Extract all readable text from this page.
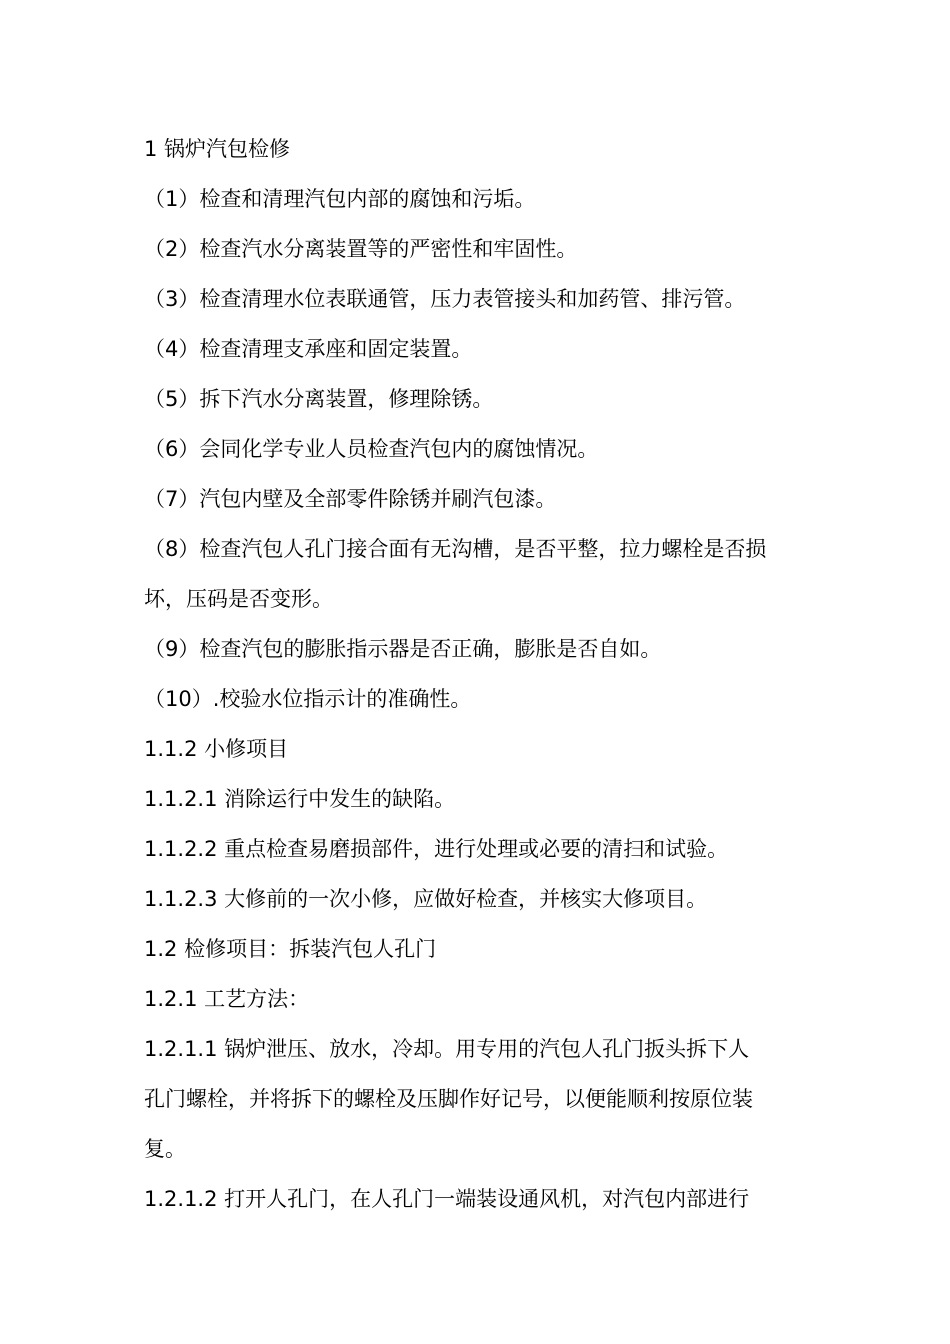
1 锅炉汽包检修
（1）检查和清理汽包内部的腐蚀和污垢。
（2）检查汽水分离装置等的严密性和牢固性。
（3）检查清理水位表联通管，压力表管接头和加药管、排污管。
（4）检查清理支承座和固定装置。
（5）拆下汽水分离装置，修理除锈。
（6）会同化学专业人员检查汽包内的腐蚀情况。
（7）汽包内壁及全部零件除锈并刷汽包漆。
（8）检查汽包人孔门接合面有无沟槽，是否平整，拉力螺栓是否损
坏，压码是否变形。
（9）检查汽包的膨胀指示器是否正确，膨胀是否自如。
（10）.校验水位指示计的准确性。
1.1.2 小修项目
1.1.2.1 消除运行中发生的缺陷。
1.1.2.2 重点检查易磨损部件，进行处理或必要的清扫和试验。
1.1.2.3 大修前的一次小修，应做好检查，并核实大修项目。
1.2 检修项目：拆装汽包人孔门
1.2.1 工艺方法：
1.2.1.1 锅炉泄压、放水，冷却。用专用的汽包人孔门扳头拆下人
孔门螺栓，并将拆下的螺栓及压脚作好记号，以便能顺利按原位装
复。
1.2.1.2 打开人孔门，在人孔门一端装设通风机，对汽包内部进行
